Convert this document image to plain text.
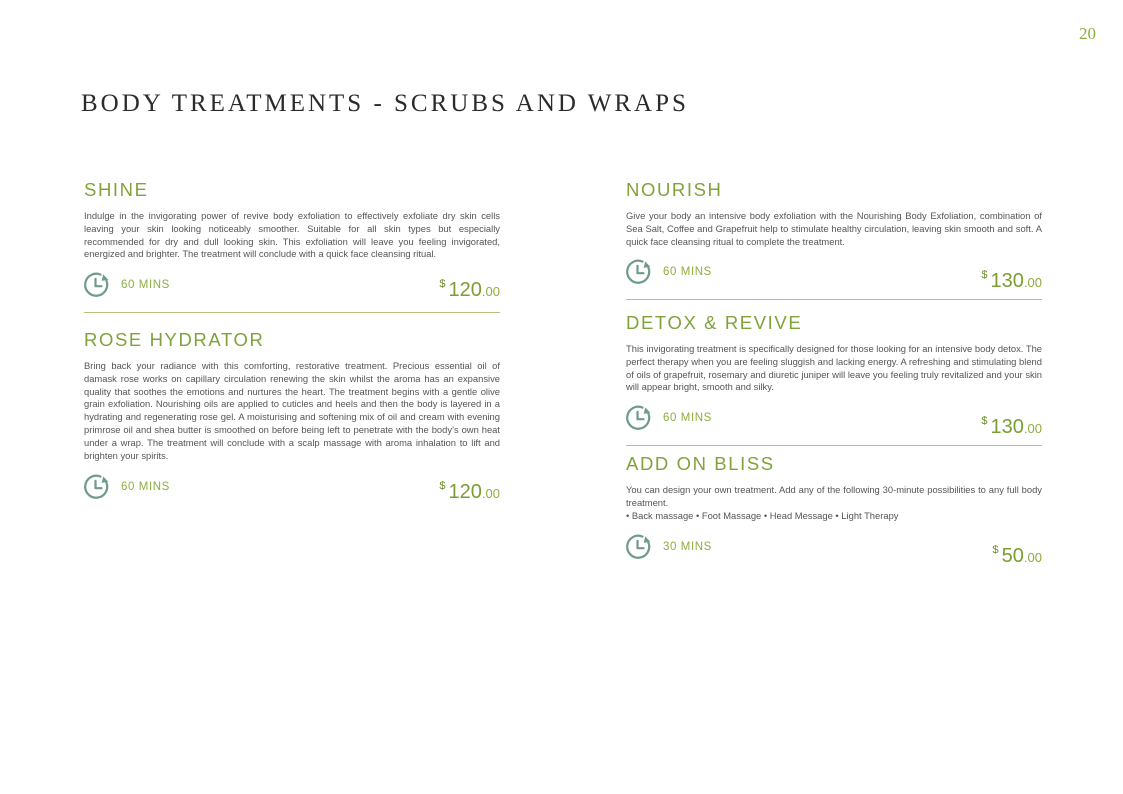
20
BODY TREATMENTS - SCRUBS AND WRAPS
SHINE

Indulge in the invigorating power of revive body exfoliation to effectively exfoliate dry skin cells leaving your skin looking noticeably smoother. Suitable for all skin types but especially recommended for dry and dull looking skin. This exfoliation will leave you feeling invigorated, energized and brighter. The treatment will conclude with a quick face cleansing ritual.

60 MINS	$ 120.00
ROSE HYDRATOR

Bring back your radiance with this comforting, restorative treatment. Precious essential oil of damask rose works on capillary circulation renewing the skin whilst the aroma has an expansive quality that soothes the emotions and nurtures the heart. The treatment begins with a gentle olive grain exfoliation. Nourishing oils are applied to cuticles and heels and then the body is layered in a hydrating and regenerating rose gel. A moisturising and softening mix of oil and cream with evening primrose oil and shea butter is smoothed on before being left to penetrate with the body’s own heat under a wrap. The treatment will conclude with a scalp massage with aroma inhalation to lift and brighten your spirits.

60 MINS	$ 120.00
NOURISH

Give your body an intensive body exfoliation with the Nourishing Body Exfoliation, combination of Sea Salt, Coffee and Grapefruit help to stimulate healthy circulation, leaving skin smooth and soft. A quick face cleansing ritual to complete the treatment.

60 MINS	$ 130.00
DETOX & REVIVE

This invigorating treatment is specifically designed for those looking for an intensive body detox. The perfect therapy when you are feeling sluggish and lacking energy. A refreshing and stimulating blend of oils of grapefruit, rosemary and diuretic juniper will leave you feeling truly revitalized and your skin will appear bright, smooth and silky.

60 MINS	$ 130.00
ADD ON BLISS

You can design your own treatment. Add any of the following 30-minute possibilities to any full body treatment.

• Back massage • Foot Massage • Head Message • Light Therapy

30 MINS	$ 50.00
